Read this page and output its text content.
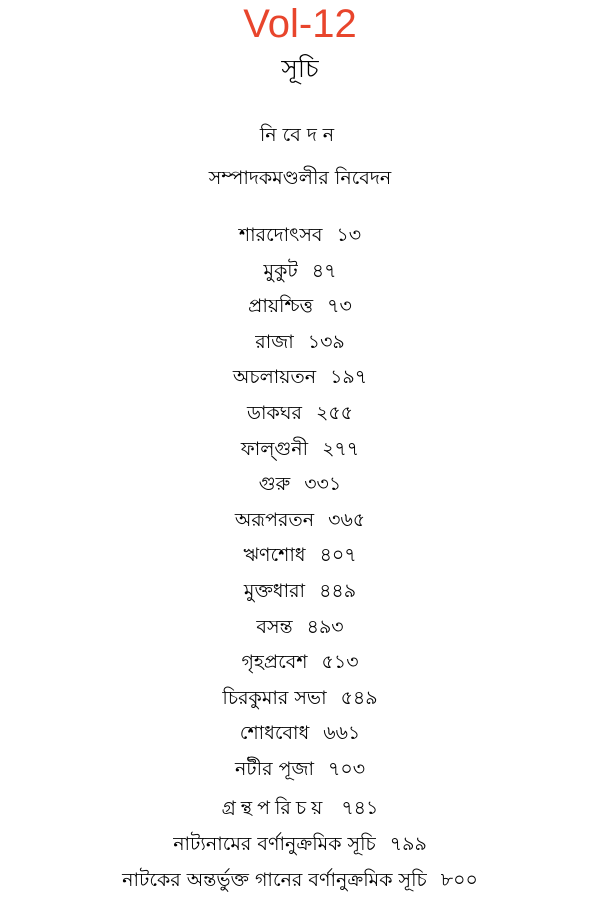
Vol-12
সূচি
নিবেদন
সম্পাদকমণ্ডলীর নিবেদন
শারদোৎসব ১৩
মুকুট ৪৭
প্রায়শ্চিত্ত ৭৩
রাজা ১৩৯
অচলায়তন ১৯৭
ডাকঘর ২৫৫
ফাল্গুনী ২৭৭
গুরু ৩৩১
অরূপরতন ৩৬৫
ঋণশোধ ৪০৭
মুক্তধারা ৪৪৯
বসন্ত ৪৯৩
গৃহপ্রবেশ ৫১৩
চিরকুমার সভা ৫৪৯
শোধবোধ ৬৬১
নটীর পূজা ৭০৩
গ্রন্থপরিচয় ৭৪১
নাট্যনামের বর্ণানুক্রমিক সূচি ৭৯৯
নাটকের অন্তর্ভুক্ত গানের বর্ণানুক্রমিক সূচি ৮০০
